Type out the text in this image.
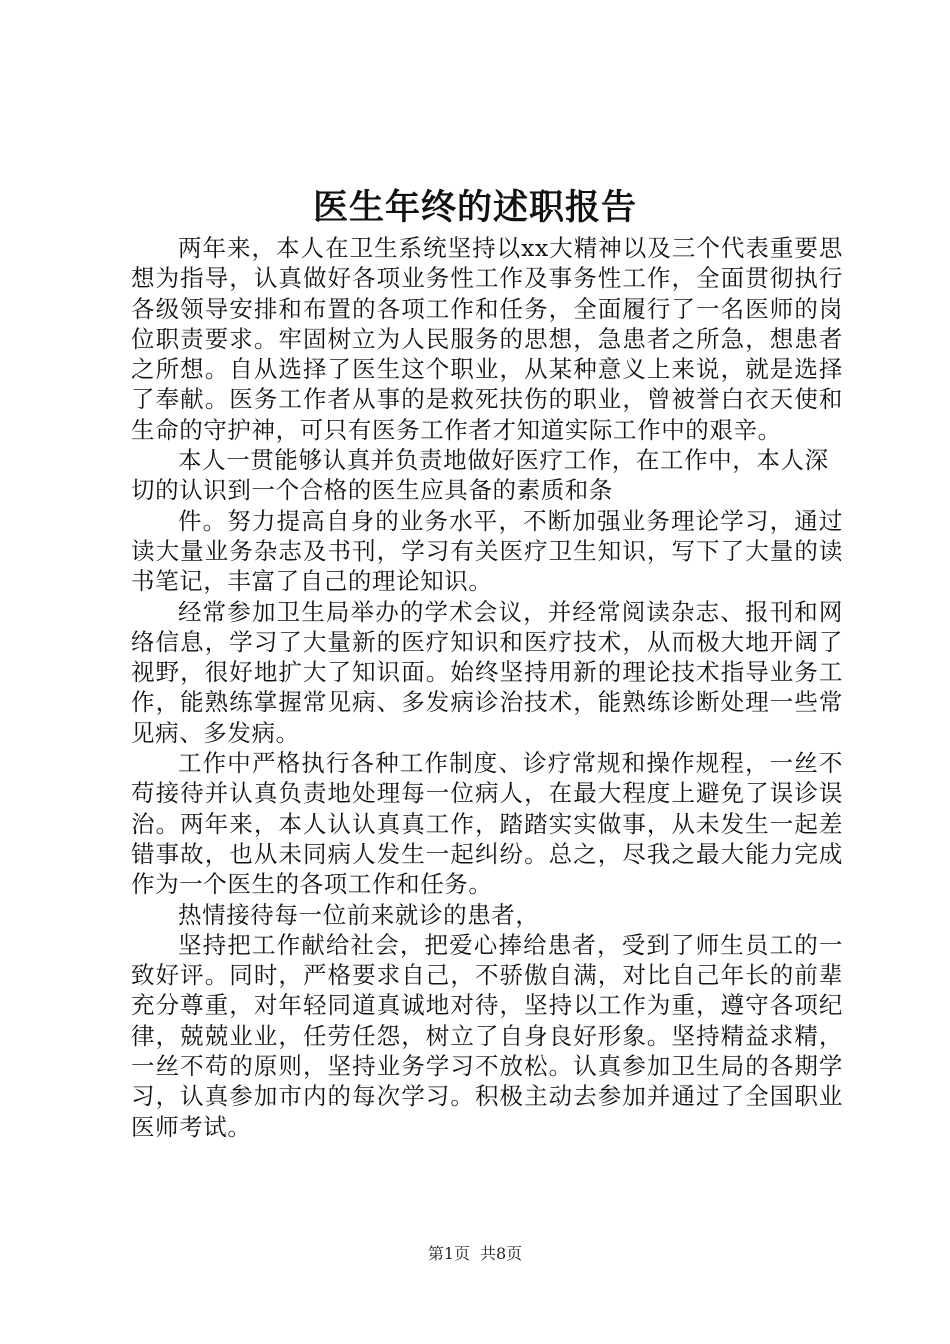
医生年终的述职报告

两年来，本人在卫生系统坚持以xx大精神以及三个代表重要思想为指导，认真做好各项业务性工作及事务性工作，全面贯彻执行各级领导安排和布置的各项工作和任务，全面履行了一名医师的岗位职责要求。牢固树立为人民服务的思想，急患者之所急，想患者之所想。自从选择了医生这个职业，从某种意义上来说，就是选择了奉献。医务工作者从事的是救死扶伤的职业，曾被誉白衣天使和生命的守护神，可只有医务工作者才知道实际工作中的艰辛。

本人一贯能够认真并负责地做好医疗工作，在工作中，本人深切的认识到一个合格的医生应具备的素质和条

件。努力提高自身的业务水平，不断加强业务理论学习，通过读大量业务杂志及书刊，学习有关医疗卫生知识，写下了大量的读书笔记，丰富了自己的理论知识。

经常参加卫生局举办的学术会议，并经常阅读杂志、报刊和网络信息，学习了大量新的医疗知识和医疗技术，从而极大地开阔了视野，很好地扩大了知识面。始终坚持用新的理论技术指导业务工作，能熟练掌握常见病、多发病诊治技术，能熟练诊断处理一些常见病、多发病。

工作中严格执行各种工作制度、诊疗常规和操作规程，一丝不苟接待并认真负责地处理每一位病人，在最大程度上避免了误诊误治。两年来，本人认认真真工作，踏踏实实做事，从未发生一起差错事故，也从未同病人发生一起纠纷。总之，尽我之最大能力完成作为一个医生的各项工作和任务。

热情接待每一位前来就诊的患者，

坚持把工作献给社会，把爱心捧给患者，受到了师生员工的一致好评。同时，严格要求自己，不骄傲自满，对比自己年长的前辈充分尊重，对年轻同道真诚地对待，坚持以工作为重，遵守各项纪律，兢兢业业，任劳任怨，树立了自身良好形象。坚持精益求精，一丝不苟的原则，坚持业务学习不放松。认真参加卫生局的各期学习，认真参加市内的每次学习。积极主动去参加并通过了全国职业医师考试。

第1页 共8页
